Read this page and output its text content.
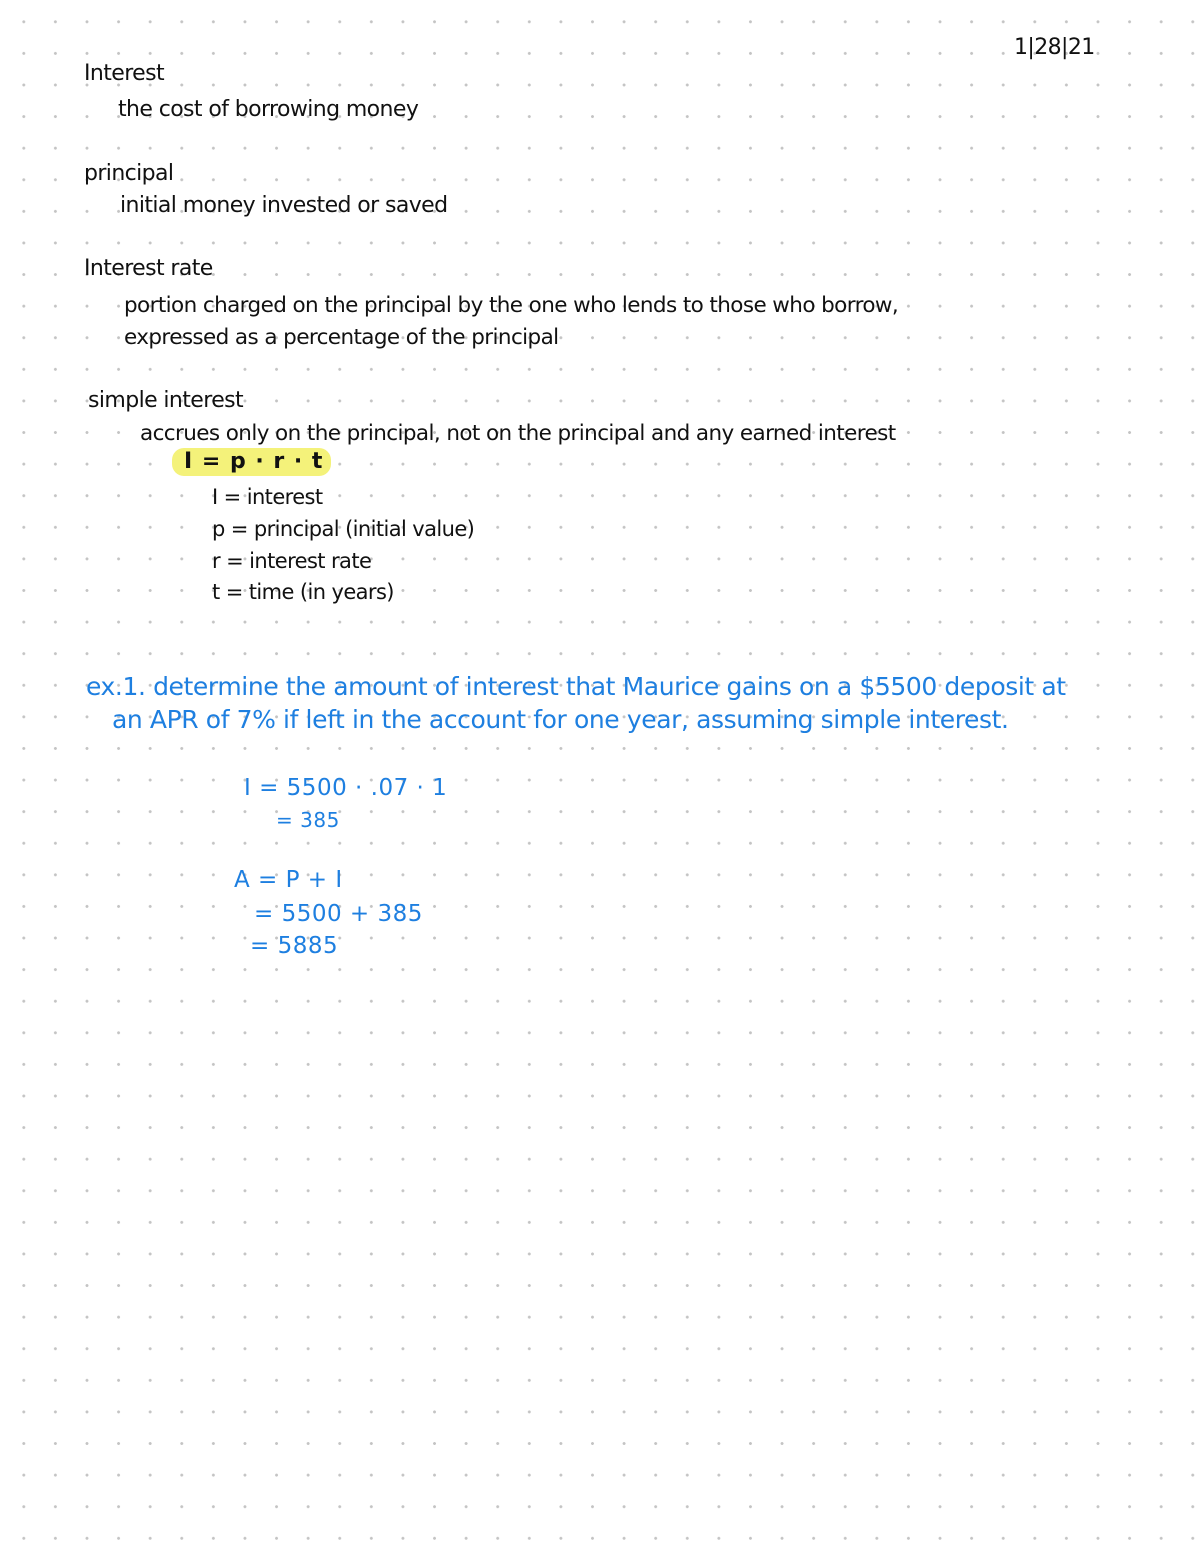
1|28|21
Interest
the cost of borrowing money
principal
initial money invested or saved
Interest rate
portion charged on the principal by the one who lends to those who borrow,
expressed as a percentage of the principal
simple interest
accrues only on the principal, not on the principal and any earned interest
I = p · r · t
I = interest
p = principal (initial value)
r = interest rate
t = time (in years)
ex.1. determine the amount of interest that Maurice gains on a $5500 deposit at
an APR of 7% if left in the account for one year, assuming simple interest.
I = 5500 · .07 · 1
= 385
A = P + I
= 5500 + 385
= 5885
